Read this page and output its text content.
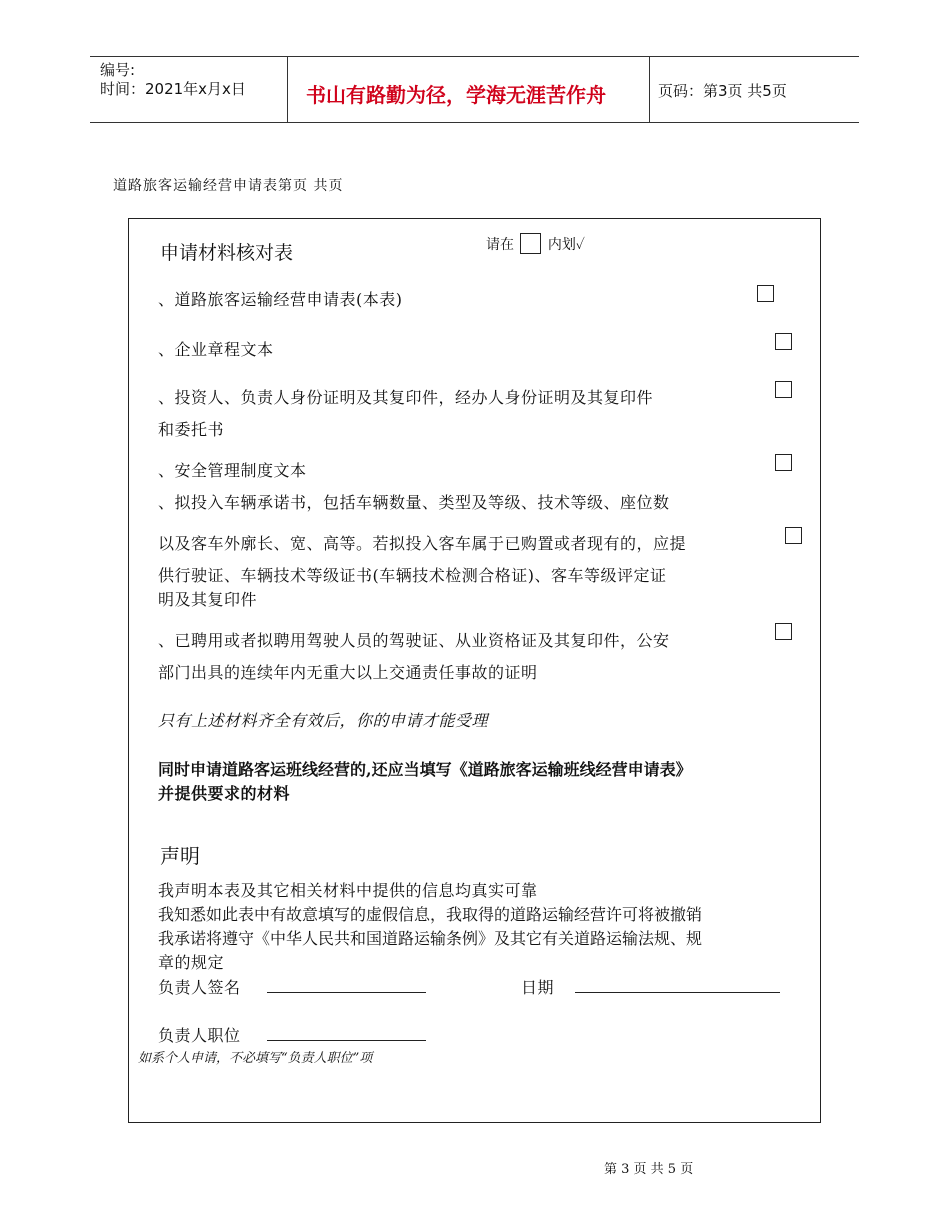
编号:
时间：2021年x月x日	书山有路勤为径，学海无涯苦作舟	页码：第3页 共5页
道路旅客运输经营申请表第页 共页
申请材料核对表	请在 内划✓
、道路旅客运输经营申请表(本表)
、企业章程文本
、投资人、负责人身份证明及其复印件，经办人身份证明及其复印件
和委托书
、安全管理制度文本
、拟投入车辆承诺书，包括车辆数量、类型及等级、技术等级、座位数
以及客车外廓长、宽、高等。若拟投入客车属于已购置或者现有的，应提
供行驶证、车辆技术等级证书(车辆技术检测合格证)、客车等级评定证
明及其复印件
、已聘用或者拟聘用驾驶人员的驾驶证、从业资格证及其复印件，公安
部门出具的连续年内无重大以上交通责任事故的证明
只有上述材料齐全有效后，你的申请才能受理
同时申请道路客运班线经营的,还应当填写《道路旅客运输班线经营申请表》
并提供要求的材料
声明
我声明本表及其它相关材料中提供的信息均真实可靠
我知悉如此表中有故意填写的虚假信息，我取得的道路运输经营许可将被撤销
我承诺将遵守《中华人民共和国道路运输条例》及其它有关道路运输法规、规
章的规定
负责人签名	日期
负责人职位
如系个人申请，不必填写“负责人职位”项
第 3 页 共 5 页
